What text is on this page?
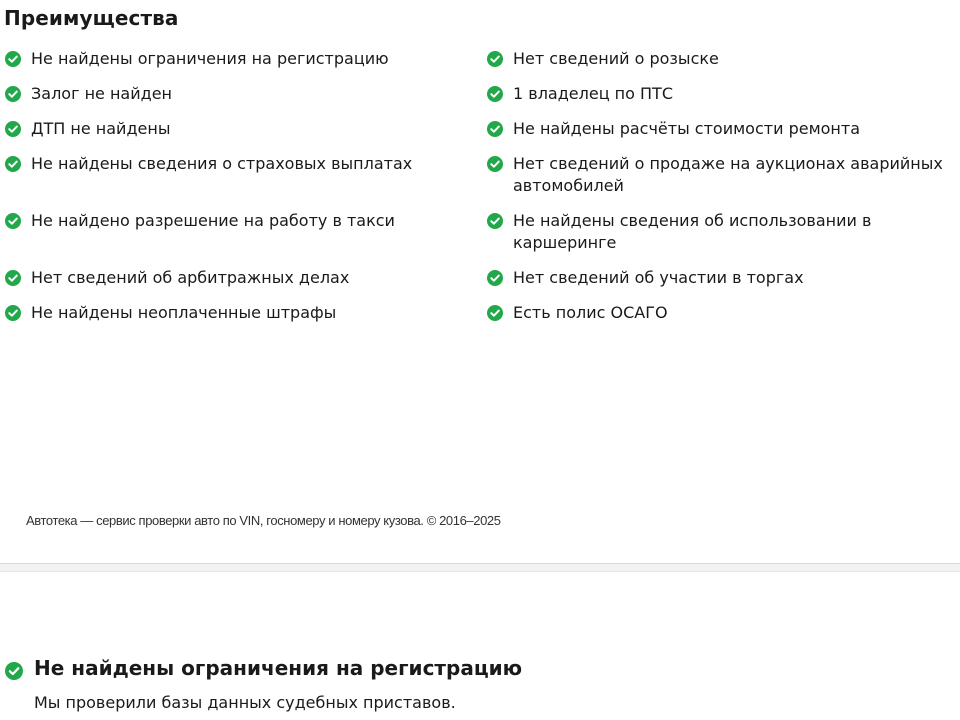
Преимущества
Не найдены ограничения на регистрацию
Залог не найден
ДТП не найдены
Не найдены сведения о страховых выплатах
Не найдено разрешение на работу в такси
Нет сведений об арбитражных делах
Не найдены неоплаченные штрафы
Нет сведений о розыске
1 владелец по ПТС
Не найдены расчёты стоимости ремонта
Нет сведений о продаже на аукционах аварийных автомобилей
Не найдены сведения об использовании в каршеринге
Нет сведений об участии в торгах
Есть полис ОСАГО
Автотека — сервис проверки авто по VIN, госномеру и номеру кузова. © 2016–2025
Не найдены ограничения на регистрацию
Мы проверили базы данных судебных приставов.
